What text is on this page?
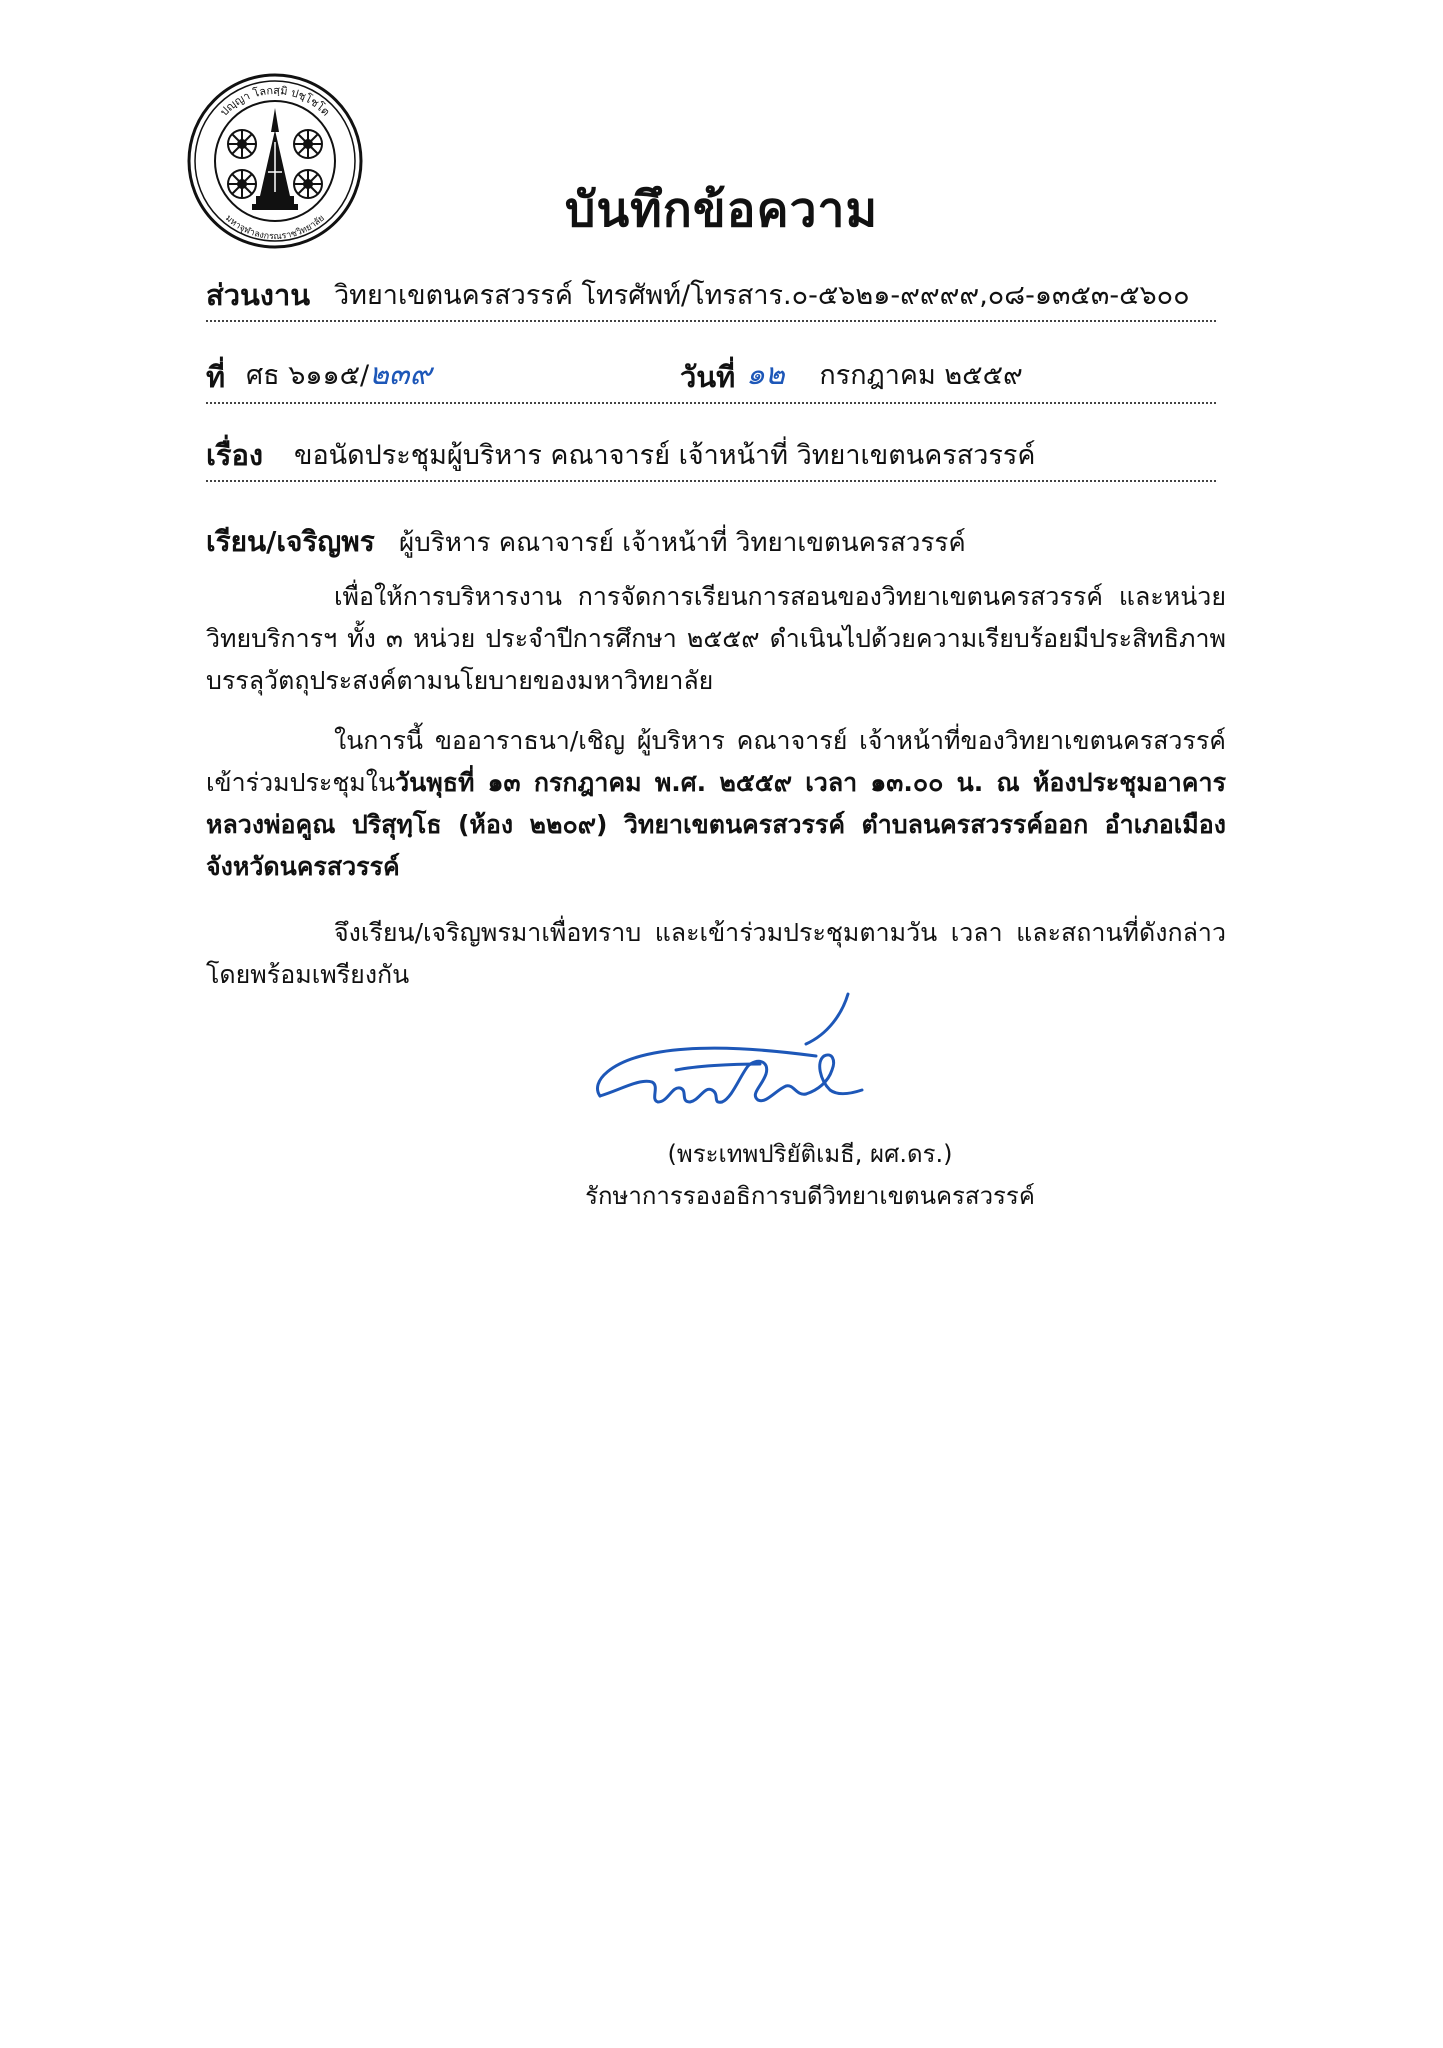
ปญฺญา โลกสฺมิ ปชฺโชโต
มหาจุฬาลงกรณราชวิทยาลัย	บันทึกข้อความ
ส่วนงาน วิทยาเขตนครสวรรค์ โทรศัพท์/โทรสาร.๐-๕๖๒๑-๙๙๙๙,๐๘-๑๓๕๓-๕๖๐๐
ที่ ศธ ๖๑๑๕/๒๓๙	วันที่ ๑๒ กรกฎาคม ๒๕๕๙
เรื่อง ขอนัดประชุมผู้บริหาร คณาจารย์ เจ้าหน้าที่ วิทยาเขตนครสวรรค์
เรียน/เจริญพร ผู้บริหาร คณาจารย์ เจ้าหน้าที่ วิทยาเขตนครสวรรค์
เพื่อให้การบริหารงาน การจัดการเรียนการสอนของวิทยาเขตนครสวรรค์ และหน่วยวิทยบริการฯ ทั้ง ๓ หน่วย ประจำปีการศึกษา ๒๕๕๙ ดำเนินไปด้วยความเรียบร้อยมีประสิทธิภาพบรรลุวัตถุประสงค์ตามนโยบายของมหาวิทยาลัย
ในการนี้ ขออาราธนา/เชิญ ผู้บริหาร คณาจารย์ เจ้าหน้าที่ของวิทยาเขตนครสวรรค์ เข้าร่วมประชุมในวันพุธที่ ๑๓ กรกฎาคม พ.ศ. ๒๕๕๙ เวลา ๑๓.๐๐ น. ณ ห้องประชุมอาคารหลวงพ่อคูณ ปริสุทฺโธ (ห้อง ๒๒๐๙) วิทยาเขตนครสวรรค์ ตำบลนครสวรรค์ออก อำเภอเมือง จังหวัดนครสวรรค์
จึงเรียน/เจริญพรมาเพื่อทราบ และเข้าร่วมประชุมตามวัน เวลา และสถานที่ดังกล่าวโดยพร้อมเพรียงกัน
(พระเทพปริยัติเมธี, ผศ.ดร.)
รักษาการรองอธิการบดีวิทยาเขตนครสวรรค์
